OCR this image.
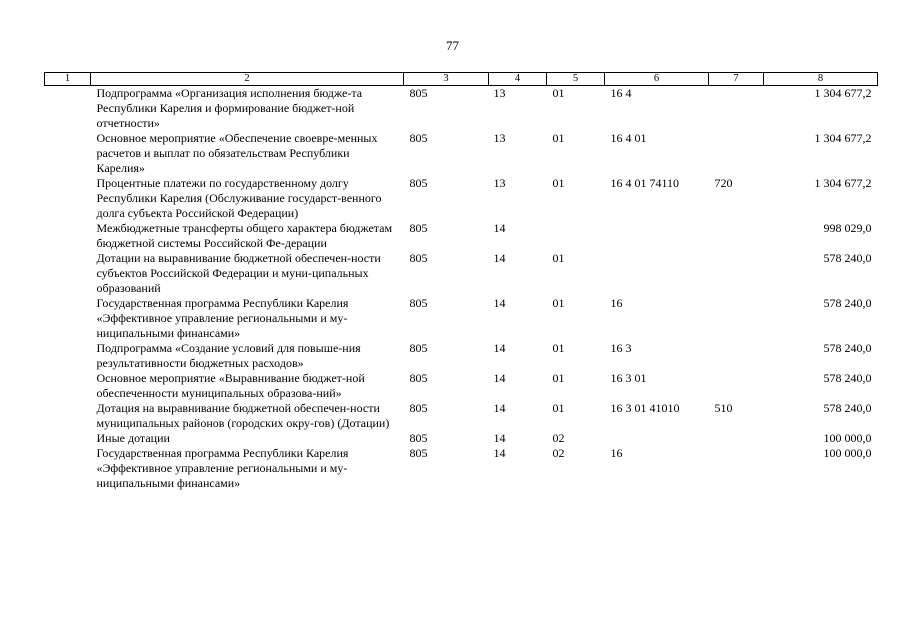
77
1	2	3	4	5	6	7	8
	Подпрограмма «Организация исполнения бюдже-та Республики Карелия и формирование бюджет-ной отчетности»	805	13	01	16 4		1 304 677,2
	Основное мероприятие «Обеспечение своевре-менных расчетов и выплат по обязательствам Республики Карелия»	805	13	01	16 4 01		1 304 677,2
	Процентные платежи по государственному долгу Республики Карелия (Обслуживание государст-венного долга субъекта Российской Федерации)	805	13	01	16 4 01 74110	720	1 304 677,2
	Межбюджетные трансферты общего характера бюджетам бюджетной системы Российской Фе-дерации	805	14				998 029,0
	Дотации на выравнивание бюджетной обеспечен-ности субъектов Российской Федерации и муни-ципальных образований	805	14	01			578 240,0
	Государственная программа Республики Карелия «Эффективное управление региональными и му-ниципальными финансами»	805	14	01	16		578 240,0
	Подпрограмма «Создание условий для повыше-ния результативности бюджетных расходов»	805	14	01	16 3		578 240,0
	Основное мероприятие «Выравнивание бюджет-ной обеспеченности муниципальных образова-ний»	805	14	01	16 3 01		578 240,0
	Дотация на выравнивание бюджетной обеспечен-ности муниципальных районов (городских окру-гов) (Дотации)	805	14	01	16 3 01 41010	510	578 240,0
	Иные дотации	805	14	02			100 000,0
	Государственная программа Республики Карелия «Эффективное управление региональными и му-ниципальными финансами»	805	14	02	16		100 000,0
